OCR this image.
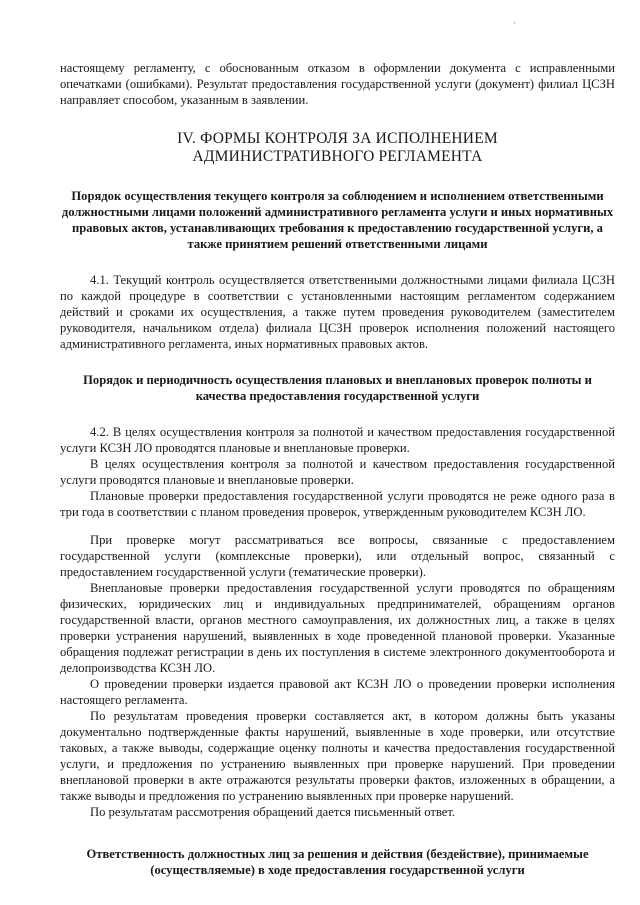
·

настоящему регламенту, с обоснованным отказом в оформлении документа с исправленными опечатками (ошибками). Результат предоставления государственной услуги (документ) филиал ЦСЗН направляет способом, указанным в заявлении.

IV. ФОРМЫ КОНТРОЛЯ ЗА ИСПОЛНЕНИЕМ
АДМИНИСТРАТИВНОГО РЕГЛАМЕНТА

Порядок осуществления текущего контроля за соблюдением и исполнением ответственными должностными лицами положений административного регламента услуги и иных нормативных правовых актов, устанавливающих требования к предоставлению государственной услуги, а также принятием решений ответственными лицами

4.1. Текущий контроль осуществляется ответственными должностными лицами филиала ЦСЗН по каждой процедуре в соответствии с установленными настоящим регламентом содержанием действий и сроками их осуществления, а также путем проведения руководителем (заместителем руководителя, начальником отдела) филиала ЦСЗН проверок исполнения положений настоящего административного регламента, иных нормативных правовых актов.

Порядок и периодичность осуществления плановых и внеплановых проверок полноты и качества предоставления государственной услуги

4.2. В целях осуществления контроля за полнотой и качеством предоставления государственной услуги КСЗН ЛО проводятся плановые и внеплановые проверки.

В целях осуществления контроля за полнотой и качеством предоставления государственной услуги проводятся плановые и внеплановые проверки.

Плановые проверки предоставления государственной услуги проводятся не реже одного раза в три года в соответствии с планом проведения проверок, утвержденным руководителем КСЗН ЛО.

При проверке могут рассматриваться все вопросы, связанные с предоставлением государственной услуги (комплексные проверки), или отдельный вопрос, связанный с предоставлением государственной услуги (тематические проверки).

Внеплановые проверки предоставления государственной услуги проводятся по обращениям физических, юридических лиц и индивидуальных предпринимателей, обращениям органов государственной власти, органов местного самоуправления, их должностных лиц, а также в целях проверки устранения нарушений, выявленных в ходе проведенной плановой проверки. Указанные обращения подлежат регистрации в день их поступления в системе электронного документооборота и делопроизводства КСЗН ЛО.

О проведении проверки издается правовой акт КСЗН ЛО о проведении проверки исполнения настоящего регламента.

По результатам проведения проверки составляется акт, в котором должны быть указаны документально подтвержденные факты нарушений, выявленные в ходе проверки, или отсутствие таковых, а также выводы, содержащие оценку полноты и качества предоставления государственной услуги, и предложения по устранению выявленных при проверке нарушений. При проведении внеплановой проверки в акте отражаются результаты проверки фактов, изложенных в обращении, а также выводы и предложения по устранению выявленных при проверке нарушений.

По результатам рассмотрения обращений дается письменный ответ.

Ответственность должностных лиц за решения и действия (бездействие), принимаемые (осуществляемые) в ходе предоставления государственной услуги
